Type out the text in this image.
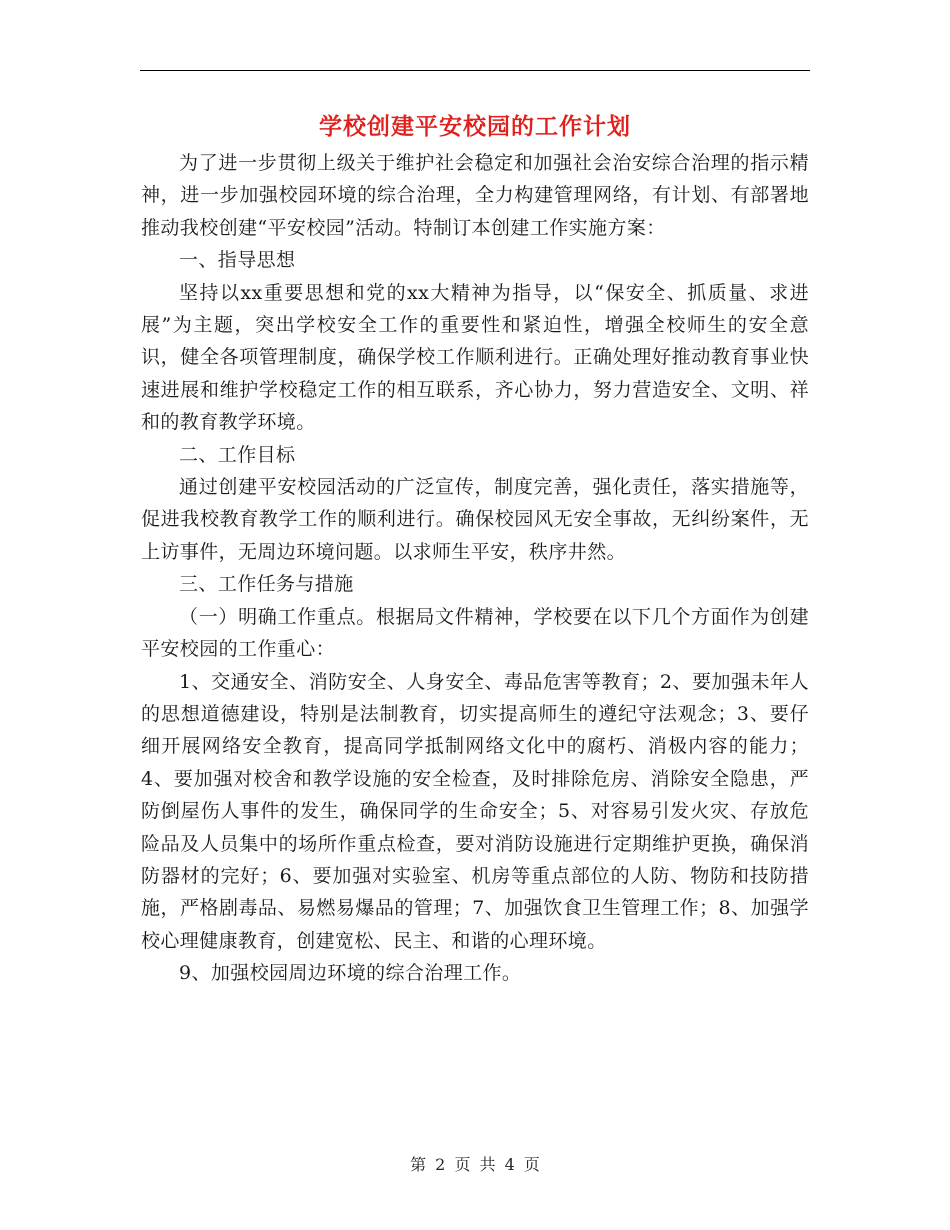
学校创建平安校园的工作计划

为了进一步贯彻上级关于维护社会稳定和加强社会治安综合治理的指示精神，进一步加强校园环境的综合治理，全力构建管理网络，有计划、有部署地推动我校创建“平安校园”活动。特制订本创建工作实施方案：

一、指导思想

坚持以xx重要思想和党的xx大精神为指导，以“保安全、抓质量、求进展”为主题，突出学校安全工作的重要性和紧迫性，增强全校师生的安全意识，健全各项管理制度，确保学校工作顺利进行。正确处理好推动教育事业快速进展和维护学校稳定工作的相互联系，齐心协力，努力营造安全、文明、祥和的教育教学环境。

二、工作目标

通过创建平安校园活动的广泛宣传，制度完善，强化责任，落实措施等，促进我校教育教学工作的顺利进行。确保校园风无安全事故，无纠纷案件，无上访事件，无周边环境问题。以求师生平安，秩序井然。

三、工作任务与措施

（一）明确工作重点。根据局文件精神，学校要在以下几个方面作为创建平安校园的工作重心：

1、交通安全、消防安全、人身安全、毒品危害等教育；2、要加强未年人的思想道德建设，特别是法制教育，切实提高师生的遵纪守法观念；3、要仔细开展网络安全教育，提高同学抵制网络文化中的腐朽、消极内容的能力；4、要加强对校舍和教学设施的安全检查，及时排除危房、消除安全隐患，严防倒屋伤人事件的发生，确保同学的生命安全；5、对容易引发火灾、存放危险品及人员集中的场所作重点检查，要对消防设施进行定期维护更换，确保消防器材的完好；6、要加强对实验室、机房等重点部位的人防、物防和技防措施，严格剧毒品、易燃易爆品的管理；7、加强饮食卫生管理工作；8、加强学校心理健康教育，创建宽松、民主、和谐的心理环境。

9、加强校园周边环境的综合治理工作。

第 2 页 共 4 页
